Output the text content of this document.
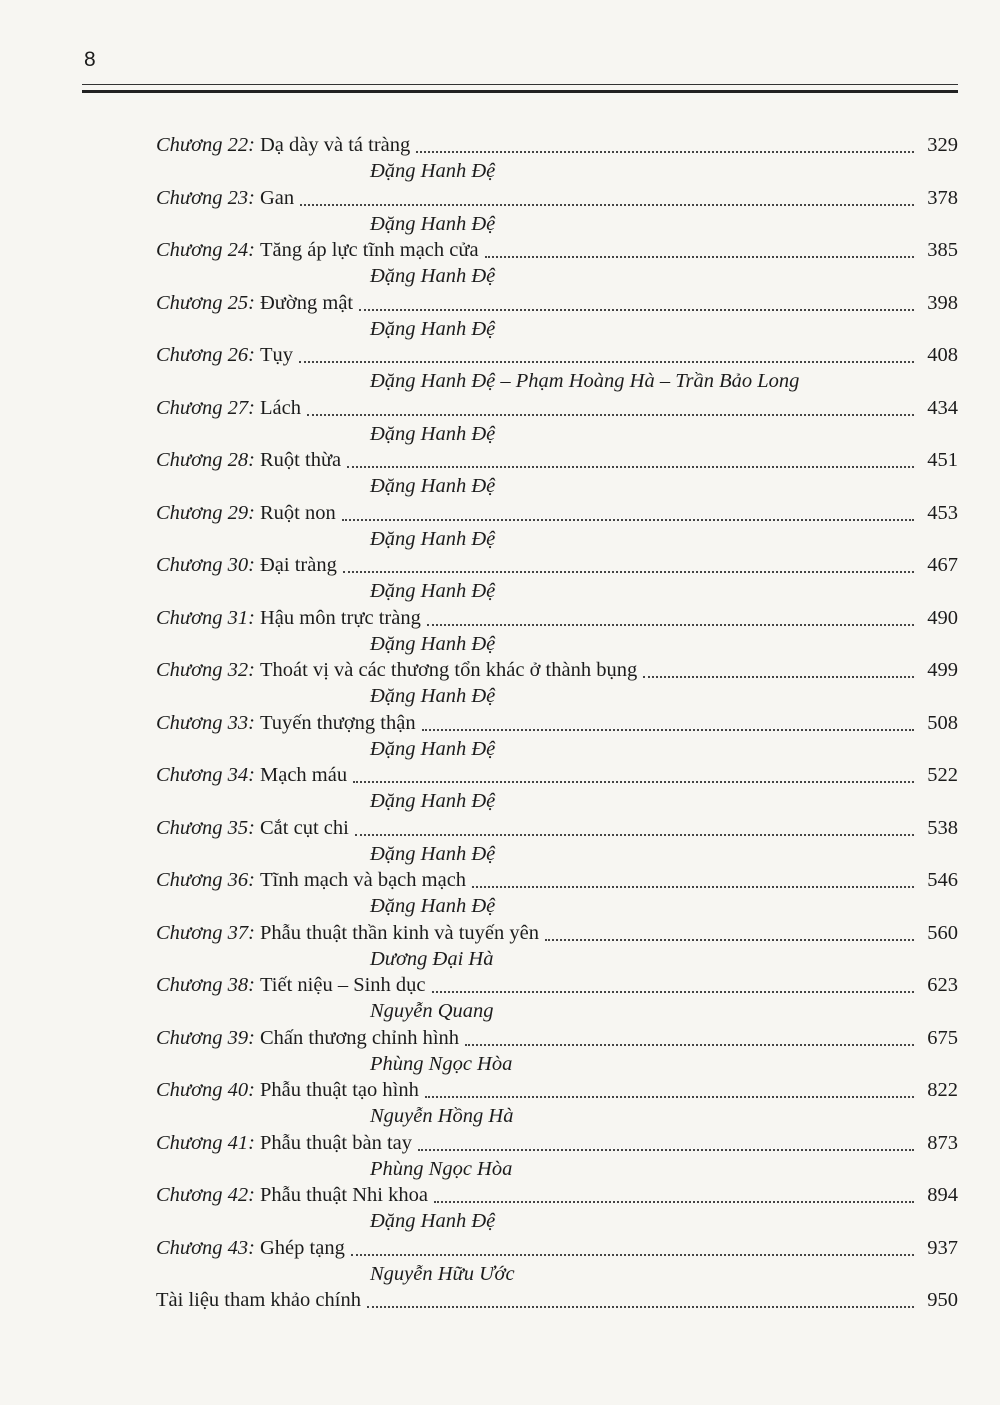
8
Chương 22: Dạ dày và tá tràng	329
Đặng Hanh Đệ
Chương 23: Gan	378
Đặng Hanh Đệ
Chương 24: Tăng áp lực tĩnh mạch cửa	385
Đặng Hanh Đệ
Chương 25: Đường mật	398
Đặng Hanh Đệ
Chương 26: Tụy	408
Đặng Hanh Đệ – Phạm Hoàng Hà – Trần Bảo Long
Chương 27: Lách	434
Đặng Hanh Đệ
Chương 28: Ruột thừa	451
Đặng Hanh Đệ
Chương 29: Ruột non	453
Đặng Hanh Đệ
Chương 30: Đại tràng	467
Đặng Hanh Đệ
Chương 31: Hậu môn trực tràng	490
Đặng Hanh Đệ
Chương 32: Thoát vị và các thương tổn khác ở thành bụng	499
Đặng Hanh Đệ
Chương 33: Tuyến thượng thận	508
Đặng Hanh Đệ
Chương 34: Mạch máu	522
Đặng Hanh Đệ
Chương 35: Cắt cụt chi	538
Đặng Hanh Đệ
Chương 36: Tĩnh mạch và bạch mạch	546
Đặng Hanh Đệ
Chương 37: Phẫu thuật thần kinh và tuyến yên	560
Dương Đại Hà
Chương 38: Tiết niệu – Sinh dục	623
Nguyễn Quang
Chương 39: Chấn thương chỉnh hình	675
Phùng Ngọc Hòa
Chương 40: Phẫu thuật tạo hình	822
Nguyễn Hồng Hà
Chương 41: Phẫu thuật bàn tay	873
Phùng Ngọc Hòa
Chương 42: Phẫu thuật Nhi khoa	894
Đặng Hanh Đệ
Chương 43: Ghép tạng	937
Nguyễn Hữu Ước
Tài liệu tham khảo chính	950
